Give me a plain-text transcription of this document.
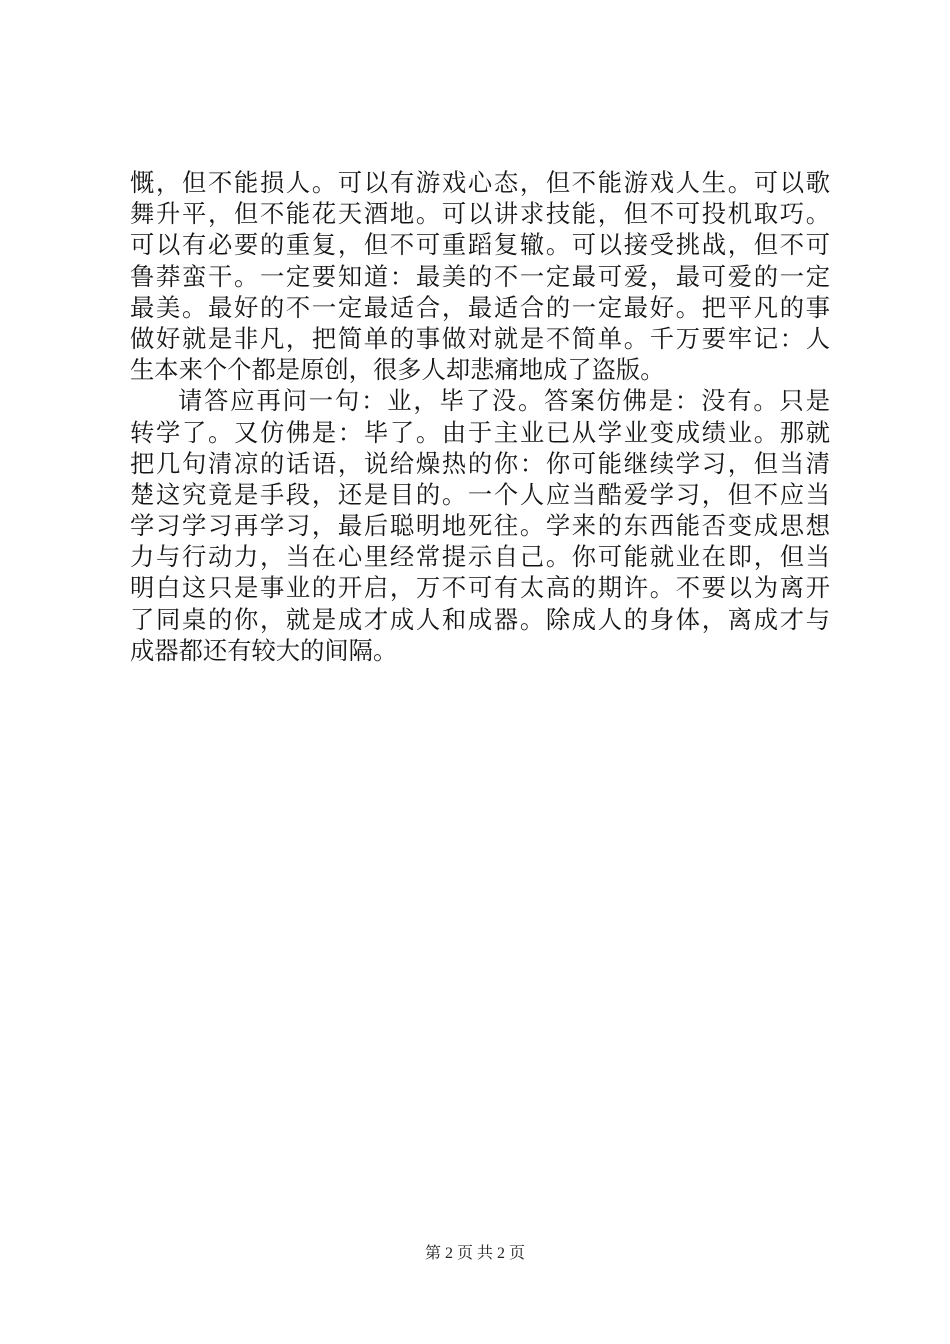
慨，但不能损人。可以有游戏心态，但不能游戏人生。可以歌
舞升平，但不能花天酒地。可以讲求技能，但不可投机取巧。
可以有必要的重复，但不可重蹈复辙。可以接受挑战，但不可
鲁莽蛮干。一定要知道：最美的不一定最可爱，最可爱的一定
最美。最好的不一定最适合，最适合的一定最好。把平凡的事
做好就是非凡，把简单的事做对就是不简单。千万要牢记：人
生本来个个都是原创，很多人却悲痛地成了盗版。
请答应再问一句：业，毕了没。答案仿佛是：没有。只是
转学了。又仿佛是：毕了。由于主业已从学业变成绩业。那就
把几句清凉的话语，说给燥热的你：你可能继续学习，但当清
楚这究竟是手段，还是目的。一个人应当酷爱学习，但不应当
学习学习再学习，最后聪明地死往。学来的东西能否变成思想
力与行动力，当在心里经常提示自己。你可能就业在即，但当
明白这只是事业的开启，万不可有太高的期许。不要以为离开
了同桌的你，就是成才成人和成器。除成人的身体，离成才与
成器都还有较大的间隔。
第 2 页 共 2 页
